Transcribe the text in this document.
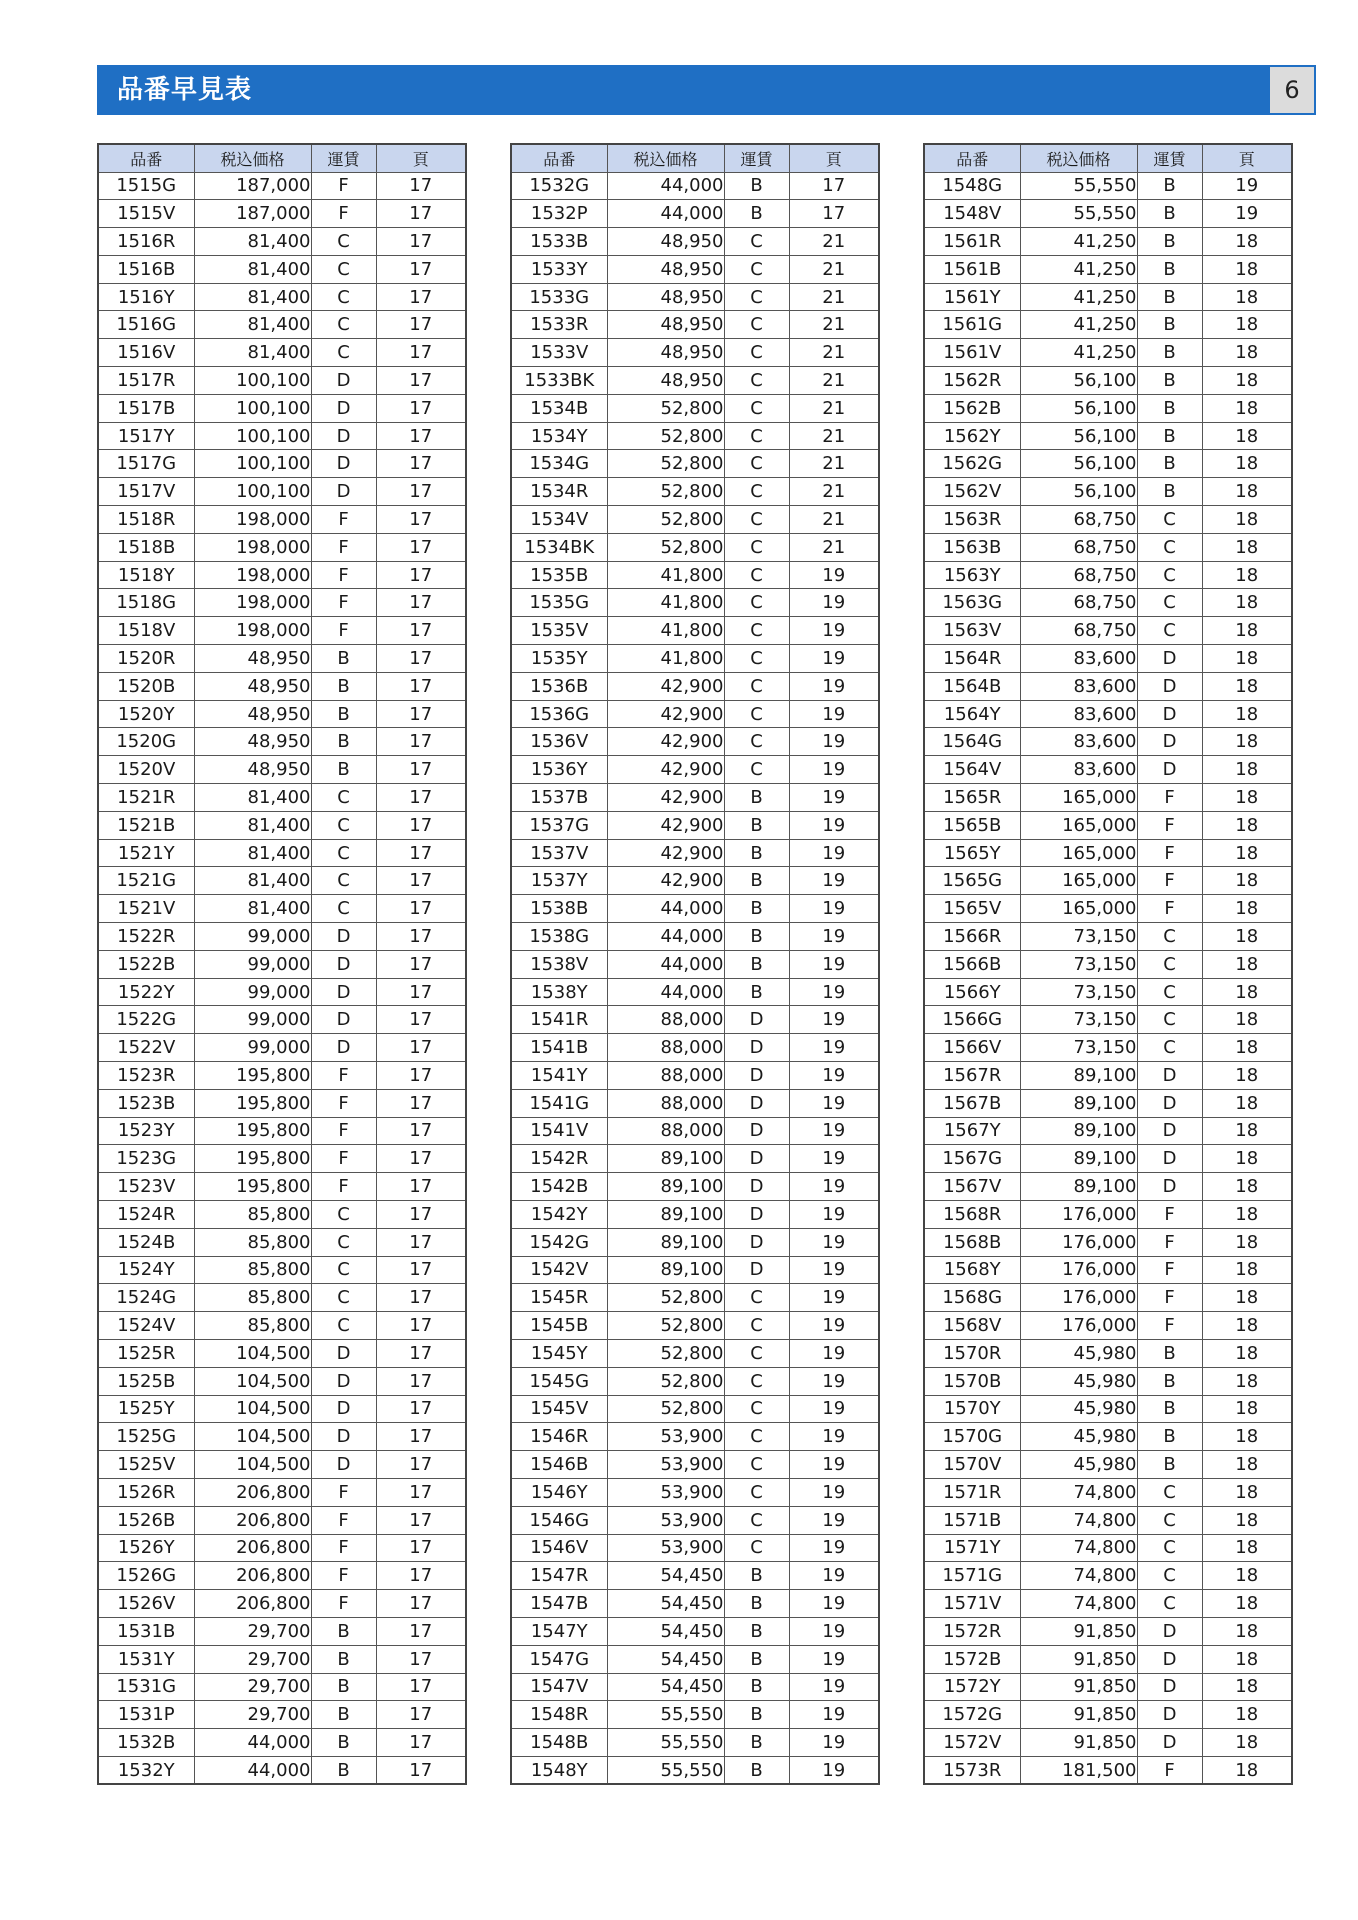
品番早見表	6
品番	税込価格	運賃	頁
1515G	187,000	F	17
1515V	187,000	F	17
1516R	81,400	C	17
1516B	81,400	C	17
1516Y	81,400	C	17
1516G	81,400	C	17
1516V	81,400	C	17
1517R	100,100	D	17
1517B	100,100	D	17
1517Y	100,100	D	17
1517G	100,100	D	17
1517V	100,100	D	17
1518R	198,000	F	17
1518B	198,000	F	17
1518Y	198,000	F	17
1518G	198,000	F	17
1518V	198,000	F	17
1520R	48,950	B	17
1520B	48,950	B	17
1520Y	48,950	B	17
1520G	48,950	B	17
1520V	48,950	B	17
1521R	81,400	C	17
1521B	81,400	C	17
1521Y	81,400	C	17
1521G	81,400	C	17
1521V	81,400	C	17
1522R	99,000	D	17
1522B	99,000	D	17
1522Y	99,000	D	17
1522G	99,000	D	17
1522V	99,000	D	17
1523R	195,800	F	17
1523B	195,800	F	17
1523Y	195,800	F	17
1523G	195,800	F	17
1523V	195,800	F	17
1524R	85,800	C	17
1524B	85,800	C	17
1524Y	85,800	C	17
1524G	85,800	C	17
1524V	85,800	C	17
1525R	104,500	D	17
1525B	104,500	D	17
1525Y	104,500	D	17
1525G	104,500	D	17
1525V	104,500	D	17
1526R	206,800	F	17
1526B	206,800	F	17
1526Y	206,800	F	17
1526G	206,800	F	17
1526V	206,800	F	17
1531B	29,700	B	17
1531Y	29,700	B	17
1531G	29,700	B	17
1531P	29,700	B	17
1532B	44,000	B	17
1532Y	44,000	B	17
品番	税込価格	運賃	頁
1532G	44,000	B	17
1532P	44,000	B	17
1533B	48,950	C	21
1533Y	48,950	C	21
1533G	48,950	C	21
1533R	48,950	C	21
1533V	48,950	C	21
1533BK	48,950	C	21
1534B	52,800	C	21
1534Y	52,800	C	21
1534G	52,800	C	21
1534R	52,800	C	21
1534V	52,800	C	21
1534BK	52,800	C	21
1535B	41,800	C	19
1535G	41,800	C	19
1535V	41,800	C	19
1535Y	41,800	C	19
1536B	42,900	C	19
1536G	42,900	C	19
1536V	42,900	C	19
1536Y	42,900	C	19
1537B	42,900	B	19
1537G	42,900	B	19
1537V	42,900	B	19
1537Y	42,900	B	19
1538B	44,000	B	19
1538G	44,000	B	19
1538V	44,000	B	19
1538Y	44,000	B	19
1541R	88,000	D	19
1541B	88,000	D	19
1541Y	88,000	D	19
1541G	88,000	D	19
1541V	88,000	D	19
1542R	89,100	D	19
1542B	89,100	D	19
1542Y	89,100	D	19
1542G	89,100	D	19
1542V	89,100	D	19
1545R	52,800	C	19
1545B	52,800	C	19
1545Y	52,800	C	19
1545G	52,800	C	19
1545V	52,800	C	19
1546R	53,900	C	19
1546B	53,900	C	19
1546Y	53,900	C	19
1546G	53,900	C	19
1546V	53,900	C	19
1547R	54,450	B	19
1547B	54,450	B	19
1547Y	54,450	B	19
1547G	54,450	B	19
1547V	54,450	B	19
1548R	55,550	B	19
1548B	55,550	B	19
1548Y	55,550	B	19
品番	税込価格	運賃	頁
1548G	55,550	B	19
1548V	55,550	B	19
1561R	41,250	B	18
1561B	41,250	B	18
1561Y	41,250	B	18
1561G	41,250	B	18
1561V	41,250	B	18
1562R	56,100	B	18
1562B	56,100	B	18
1562Y	56,100	B	18
1562G	56,100	B	18
1562V	56,100	B	18
1563R	68,750	C	18
1563B	68,750	C	18
1563Y	68,750	C	18
1563G	68,750	C	18
1563V	68,750	C	18
1564R	83,600	D	18
1564B	83,600	D	18
1564Y	83,600	D	18
1564G	83,600	D	18
1564V	83,600	D	18
1565R	165,000	F	18
1565B	165,000	F	18
1565Y	165,000	F	18
1565G	165,000	F	18
1565V	165,000	F	18
1566R	73,150	C	18
1566B	73,150	C	18
1566Y	73,150	C	18
1566G	73,150	C	18
1566V	73,150	C	18
1567R	89,100	D	18
1567B	89,100	D	18
1567Y	89,100	D	18
1567G	89,100	D	18
1567V	89,100	D	18
1568R	176,000	F	18
1568B	176,000	F	18
1568Y	176,000	F	18
1568G	176,000	F	18
1568V	176,000	F	18
1570R	45,980	B	18
1570B	45,980	B	18
1570Y	45,980	B	18
1570G	45,980	B	18
1570V	45,980	B	18
1571R	74,800	C	18
1571B	74,800	C	18
1571Y	74,800	C	18
1571G	74,800	C	18
1571V	74,800	C	18
1572R	91,850	D	18
1572B	91,850	D	18
1572Y	91,850	D	18
1572G	91,850	D	18
1572V	91,850	D	18
1573R	181,500	F	18
